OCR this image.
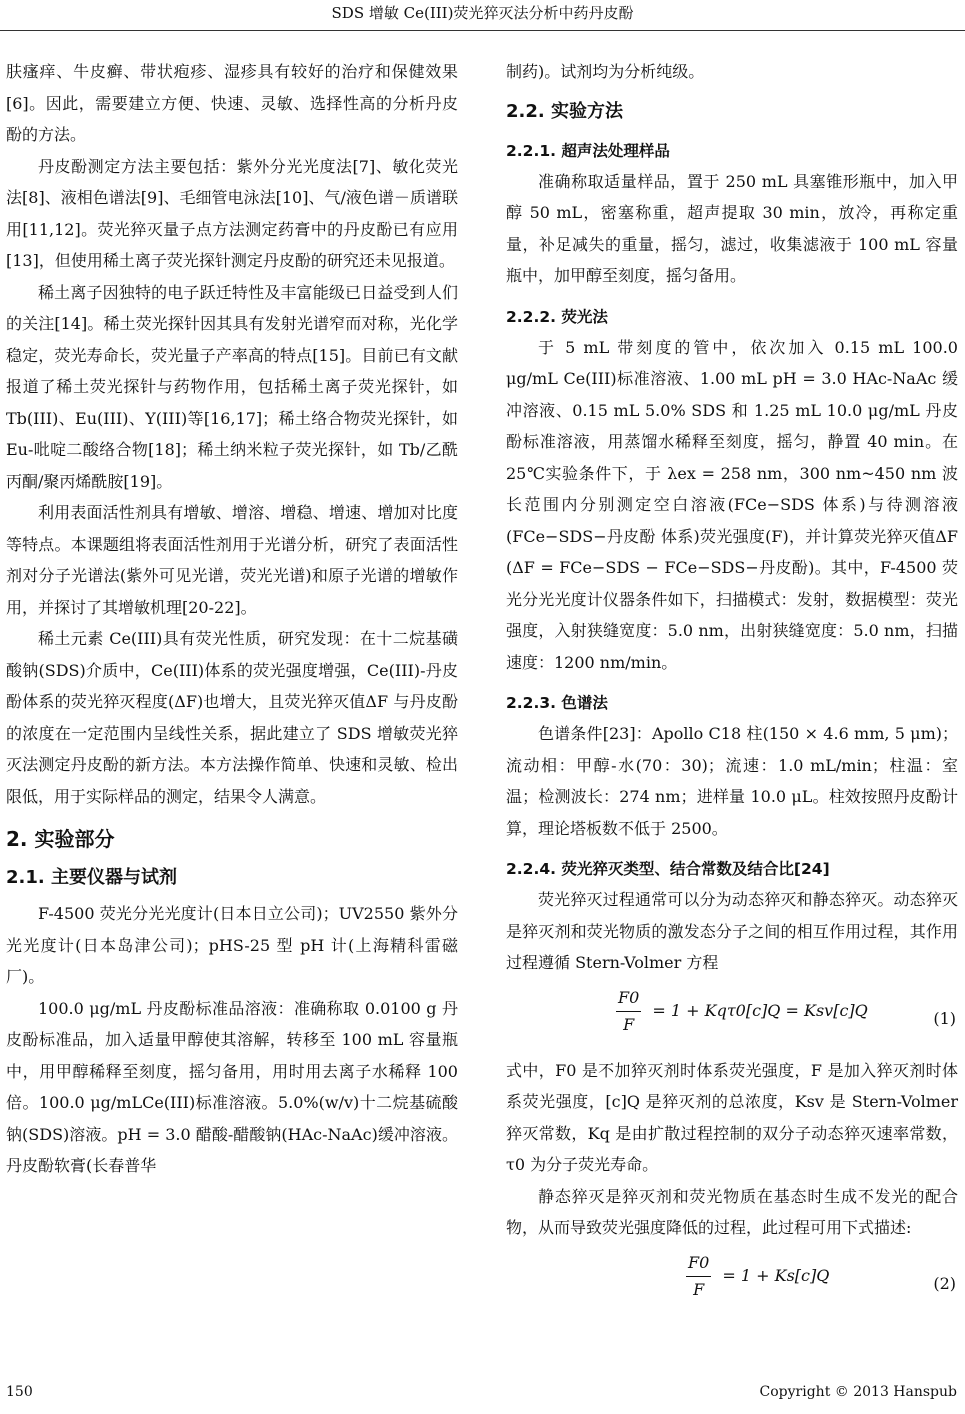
SDS 增敏 Ce(III)荧光猝灭法分析中药丹皮酚

肤瘙痒、牛皮癣、带状疱疹、湿疹具有较好的治疗和保健效果[6]。因此，需要建立方便、快速、灵敏、选择性高的分析丹皮酚的方法。

丹皮酚测定方法主要包括：紫外分光光度法[7]、敏化荧光法[8]、液相色谱法[9]、毛细管电泳法[10]、气/液色谱－质谱联用[11,12]。荧光猝灭量子点方法测定药膏中的丹皮酚已有应用[13]，但使用稀土离子荧光探针测定丹皮酚的研究还未见报道。

稀土离子因独特的电子跃迁特性及丰富能级已日益受到人们的关注[14]。稀土荧光探针因其具有发射光谱窄而对称，光化学稳定，荧光寿命长，荧光量子产率高的特点[15]。目前已有文献报道了稀土荧光探针与药物作用，包括稀土离子荧光探针，如 Tb(III)、Eu(III)、Y(III)等[16,17]；稀土络合物荧光探针，如 Eu-吡啶二酸络合物[18]；稀土纳米粒子荧光探针，如 Tb/乙酰丙酮/聚丙烯酰胺[19]。

利用表面活性剂具有增敏、增溶、增稳、增速、增加对比度等特点。本课题组将表面活性剂用于光谱分析，研究了表面活性剂对分子光谱法(紫外可见光谱，荧光光谱)和原子光谱的增敏作用，并探讨了其增敏机理[20-22]。

稀土元素 Ce(III)具有荧光性质，研究发现：在十二烷基磺酸钠(SDS)介质中，Ce(III)体系的荧光强度增强，Ce(III)-丹皮酚体系的荧光猝灭程度(ΔF)也增大，且荧光猝灭值ΔF 与丹皮酚的浓度在一定范围内呈线性关系，据此建立了 SDS 增敏荧光猝灭法测定丹皮酚的新方法。本方法操作简单、快速和灵敏、检出限低，用于实际样品的测定，结果令人满意。

2. 实验部分
2.1. 主要仪器与试剂

F-4500 荧光分光光度计(日本日立公司)；UV2550 紫外分光光度计(日本岛津公司)；pHS-25 型 pH 计(上海精科雷磁厂)。

100.0 μg/mL 丹皮酚标准品溶液：准确称取 0.0100 g 丹皮酚标准品，加入适量甲醇使其溶解，转移至 100 mL 容量瓶中，用甲醇稀释至刻度，摇匀备用，用时用去离子水稀释 100 倍。100.0 μg/mLCe(III)标准溶液。5.0%(w/v)十二烷基硫酸钠(SDS)溶液。pH = 3.0 醋酸-醋酸钠(HAc-NaAc)缓冲溶液。丹皮酚软膏(长春普华

制药)。试剂均为分析纯级。

2.2. 实验方法
2.2.1. 超声法处理样品

准确称取适量样品，置于 250 mL 具塞锥形瓶中，加入甲醇 50 mL，密塞称重，超声提取 30 min，放冷，再称定重量，补足减失的重量，摇匀，滤过，收集滤液于 100 mL 容量瓶中，加甲醇至刻度，摇匀备用。

2.2.2. 荧光法

于 5 mL 带刻度的管中，依次加入 0.15 mL 100.0 μg/mL Ce(III)标准溶液、1.00 mL pH = 3.0 HAc-NaAc 缓冲溶液、0.15 mL 5.0% SDS 和 1.25 mL 10.0 μg/mL 丹皮酚标准溶液，用蒸馏水稀释至刻度，摇匀，静置 40 min。在 25℃实验条件下，于 λex = 258 nm，300 nm~450 nm 波长范围内分别测定空白溶液(FCe−SDS 体系)与待测溶液(FCe−SDS−丹皮酚 体系)荧光强度(F)，并计算荧光猝灭值ΔF (ΔF = FCe−SDS − FCe−SDS−丹皮酚)。其中，F-4500 荧光分光光度计仪器条件如下，扫描模式：发射，数据模型：荧光强度，入射狭缝宽度：5.0 nm，出射狭缝宽度：5.0 nm，扫描速度：1200 nm/min。

2.2.3. 色谱法

色谱条件[23]：Apollo C18 柱(150 × 4.6 mm, 5 μm)；流动相：甲醇-水(70：30)；流速：1.0 mL/min；柱温：室温；检测波长：274 nm；进样量 10.0 μL。柱效按照丹皮酚计算，理论塔板数不低于 2500。

2.2.4. 荧光猝灭类型、结合常数及结合比[24]

荧光猝灭过程通常可以分为动态猝灭和静态猝灭。动态猝灭是猝灭剂和荧光物质的激发态分子之间的相互作用过程，其作用过程遵循 Stern-Volmer 方程

$\frac{F0}{F} = 1 + Kq\tau 0[c]Q = Ksv[c]Q$	(1)

式中，F0 是不加猝灭剂时体系荧光强度，F 是加入猝灭剂时体系荧光强度，[c]Q 是猝灭剂的总浓度，Ksv 是 Stern-Volmer 猝灭常数，Kq 是由扩散过程控制的双分子动态猝灭速率常数，τ0 为分子荧光寿命。

静态猝灭是猝灭剂和荧光物质在基态时生成不发光的配合物，从而导致荧光强度降低的过程，此过程可用下式描述:

$\frac{F0}{F} = 1 + Ks[c]Q$	(2)
150	Copyright © 2013 Hanspub
